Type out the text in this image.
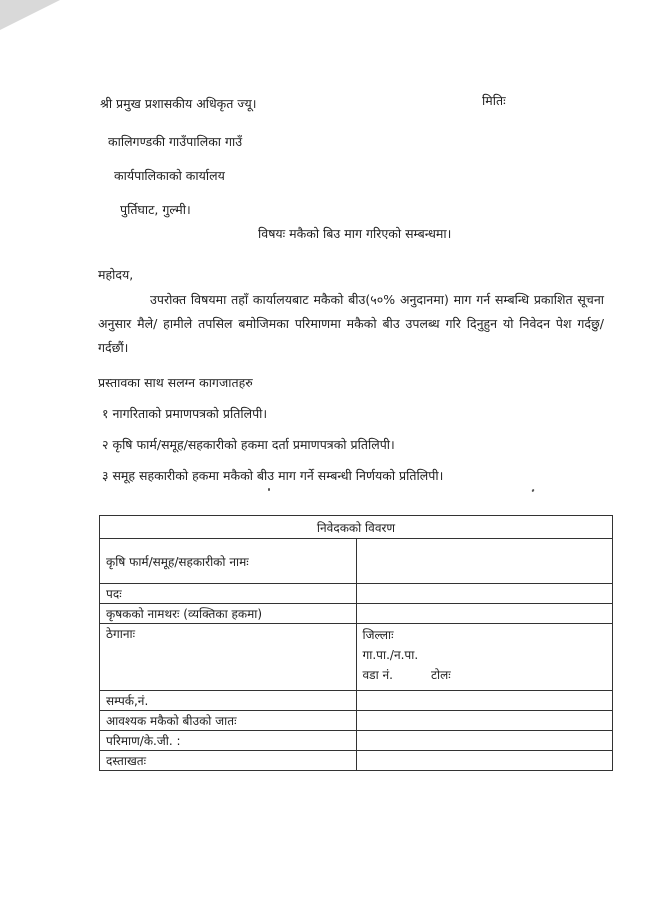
श्री प्रमुख प्रशासकीय अधिकृत ज्यू।	मितिः
कालिगण्डकी गाउँपालिका गाउँ
कार्यपालिकाको कार्यालय
पुर्तिघाट, गुल्मी।
विषयः मकैको बिउ माग गरिएको सम्बन्धमा।
महोदय,
उपरोक्त विषयमा तहाँ कार्यालयबाट मकैको बीउ(५०% अनुदानमा) माग गर्न सम्बन्धि प्रकाशित सूचना अनुसार मैले/ हामीले तपसिल बमोजिमका परिमाणमा मकैको बीउ उपलब्ध गरि दिनुहुन यो निवेदन पेश गर्दछु/गर्दछौं।
प्रस्तावका साथ सलग्न कागजातहरु
१ नागरिताको प्रमाणपत्रको प्रतिलिपी।
२ कृषि फार्म/समूह/सहकारीको हकमा दर्ता प्रमाणपत्रको प्रतिलिपी।
३ समूह सहकारीको हकमा मकैको बीउ माग गर्ने सम्बन्धी निर्णयको प्रतिलिपी।
निवेदकको विवरण	
कृषि फार्म/समूह/सहकारीको नामः	
पदः	
कृषकको नामथरः (व्यक्तिका हकमा)	
ठेगानाः	जिल्लाः
गा.पा./न.पा.
वडा नं. टोलः

सम्पर्क,नं.	
आवश्यक मकैको बीउको जातः	
परिमाण/के.जी. :	
दस्ताखतः	
